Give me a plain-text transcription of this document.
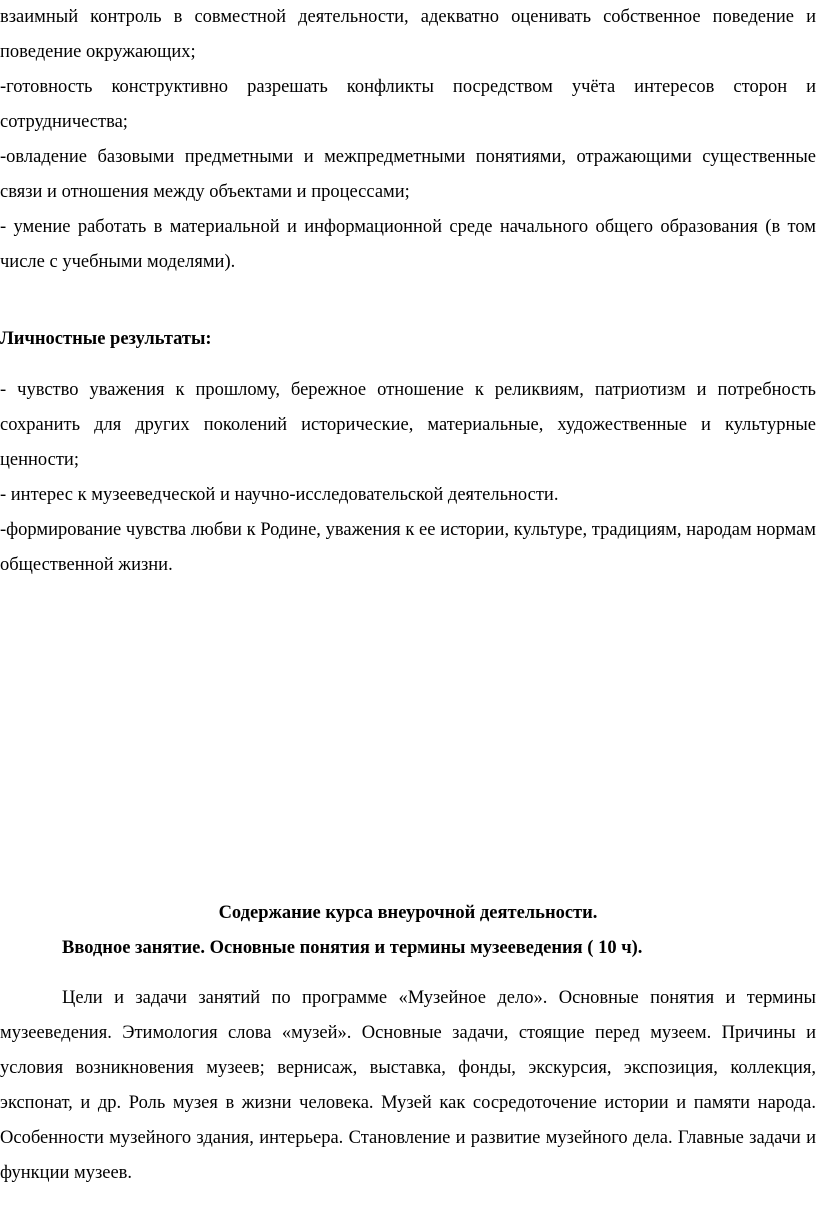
взаимный контроль в совместной деятельности, адекватно оценивать собственное поведение и поведение окружающих;

-готовность конструктивно разрешать конфликты посредством учёта интересов сторон и сотрудничества;

-овладение базовыми предметными и межпредметными понятиями, отражающими существенные связи и отношения между объектами и процессами;

- умение работать в материальной и информационной среде начального общего образования (в том числе с учебными моделями).

Личностные результаты:

- чувство уважения к прошлому, бережное отношение к реликвиям, патриотизм и потребность сохранить для других поколений исторические, материальные, художественные и культурные ценности;

- интерес к музееведческой и научно-исследовательской деятельности.

-формирование чувства любви к Родине, уважения к ее истории, культуре, традициям, народам нормам общественной жизни.

Содержание курса внеурочной деятельности.

Вводное занятие. Основные понятия и термины музееведения ( 10 ч).

Цели и задачи занятий по программе «Музейное дело». Основные понятия и термины музееведения. Этимология слова «музей». Основные задачи, стоящие перед музеем. Причины и условия возникновения музеев; вернисаж, выставка, фонды, экскурсия, экспозиция, коллекция, экспонат, и др. Роль музея в жизни человека. Музей как сосредоточение истории и памяти народа. Особенности музейного здания, интерьера. Становление и развитие музейного дела. Главные задачи и функции музеев.
